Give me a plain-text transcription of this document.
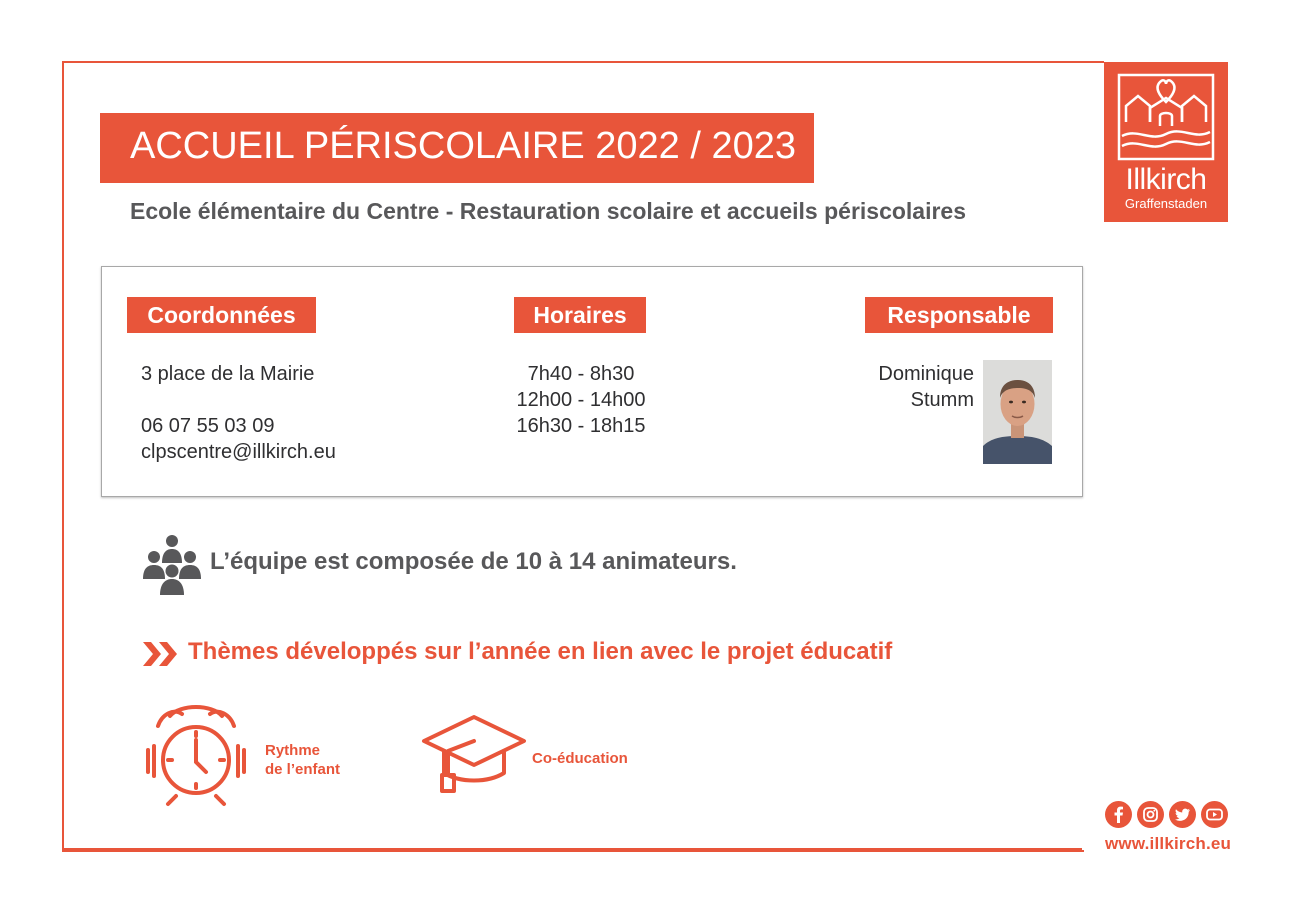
Illkirch
Graffenstaden
ACCUEIL PÉRISCOLAIRE 2022 / 2023
Ecole élémentaire du Centre - Restauration scolaire et accueils périscolaires
Coordonnées	Horaires	Responsable
3 place de la Mairie
06 07 55 03 09
clpscentre@illkirch.eu
7h40 - 8h30
12h00 - 14h00
16h30 - 18h15
Dominique
Stumm
L’équipe est composée de 10 à 14 animateurs.
Thèmes développés sur l’année en lien avec le projet éducatif
Rythme
de l’enfant
Co-éducation
www.illkirch.eu
